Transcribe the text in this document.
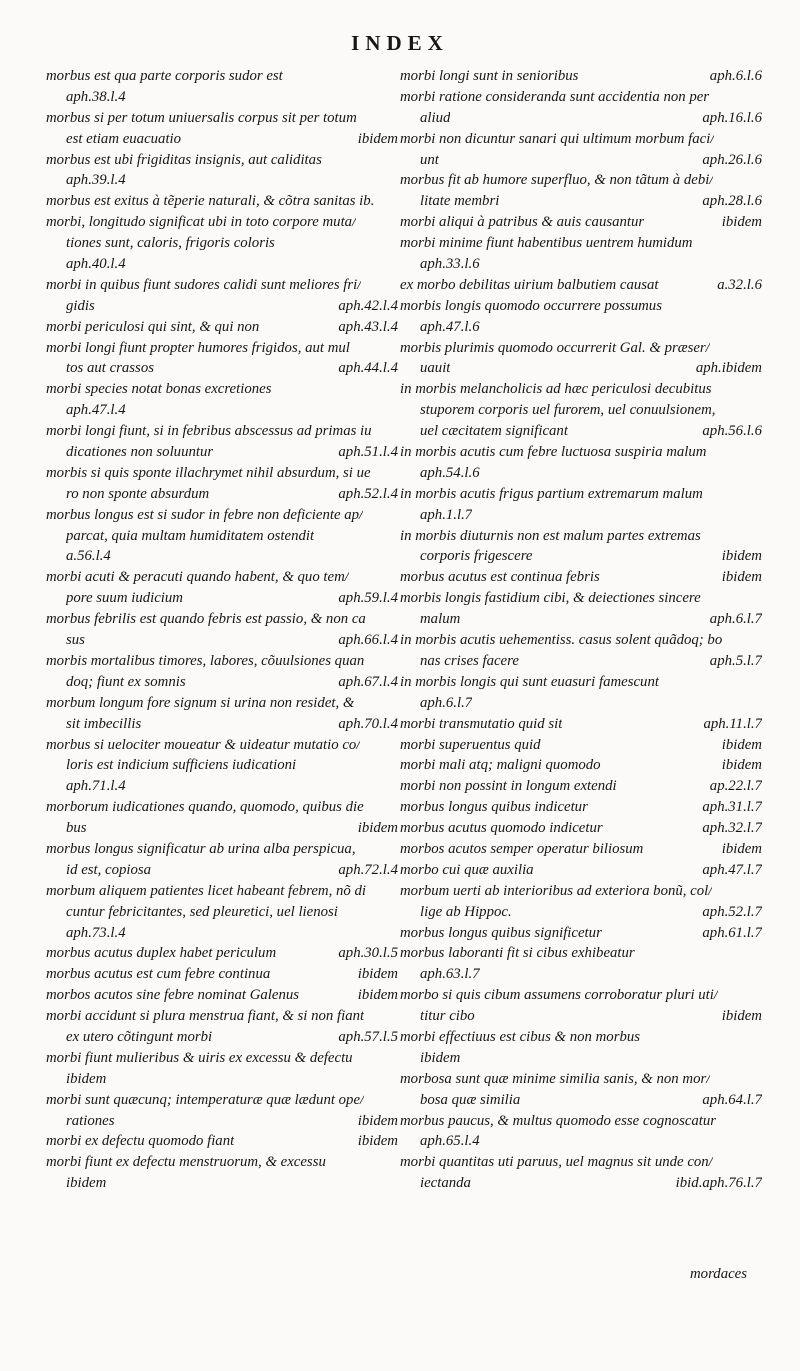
INDEX
morbus est qua parte corporis sudor est
aph.38.l.4
morbus si per totum uniuersalis corpus sit per totum
est etiam euacuatio	ibidem
morbus est ubi frigiditas insignis, aut caliditas
aph.39.l.4
morbus est exitus à tẽperie naturali, & cõtra sanitas ib.
morbi, longitudo significat ubi in toto corpore muta/
tiones sunt, caloris, frigoris coloris
aph.40.l.4
morbi in quibus fiunt sudores calidi sunt meliores fri/
gidis	aph.42.l.4
morbi periculosi qui sint, & qui non	aph.43.l.4
morbi longi fiunt propter humores frigidos, aut mul
tos aut crassos	aph.44.l.4
morbi species notat bonas excretiones
aph.47.l.4
morbi longi fiunt, si in febribus abscessus ad primas iu
dicationes non soluuntur	aph.51.l.4
morbis si quis sponte illachrymet nihil absurdum, si ue
ro non sponte absurdum	aph.52.l.4
morbus longus est si sudor in febre non deficiente ap/
parcat, quia multam humiditatem ostendit
a.56.l.4
morbi acuti & peracuti quando habent, & quo tem/
pore suum iudicium	aph.59.l.4
morbus febrilis est quando febris est passio, & non ca
sus	aph.66.l.4
morbis mortalibus timores, labores, cõuulsiones quan
doq; fiunt ex somnis	aph.67.l.4
morbum longum fore signum si urina non residet, &
sit imbecillis	aph.70.l.4
morbus si uelociter moueatur & uideatur mutatio co/
loris est indicium sufficiens iudicationi
aph.71.l.4
morborum iudicationes quando, quomodo, quibus die
bus	ibidem
morbus longus significatur ab urina alba perspicua,
id est, copiosa	aph.72.l.4
morbum aliquem patientes licet habeant febrem, nõ di
cuntur febricitantes, sed pleuretici, uel lienosi
aph.73.l.4
morbus acutus duplex habet periculum	aph.30.l.5
morbus acutus est cum febre continua	ibidem
morbos acutos sine febre nominat Galenus	ibidem
morbi accidunt si plura menstrua fiant, & si non fiant
ex utero cõtingunt morbi	aph.57.l.5
morbi fiunt mulieribus & uiris ex excessu & defectu
ibidem
morbi sunt quæcunq; intemperaturæ quæ lædunt ope/
rationes	ibidem
morbi ex defectu quomodo fiant	ibidem
morbi fiunt ex defectu menstruorum, & excessu
ibidem
morbi longi sunt in senioribus	aph.6.l.6
morbi ratione consideranda sunt accidentia non per
aliud	aph.16.l.6
morbi non dicuntur sanari qui ultimum morbum faci/
unt	aph.26.l.6
morbus fit ab humore superfluo, & non tãtum à debi/
litate membri	aph.28.l.6
morbi aliqui à patribus & auis causantur	ibidem
morbi minime fiunt habentibus uentrem humidum
aph.33.l.6
ex morbo debilitas uirium balbutiem causat	a.32.l.6
morbis longis quomodo occurrere possumus
aph.47.l.6
morbis plurimis quomodo occurrerit Gal. & præser/
uauit	aph.ibidem
in morbis melancholicis ad hæc periculosi decubitus
stuporem corporis uel furorem, uel conuulsionem,
uel cæcitatem significant	aph.56.l.6
in morbis acutis cum febre luctuosa suspiria malum
aph.54.l.6
in morbis acutis frigus partium extremarum malum
aph.1.l.7
in morbis diuturnis non est malum partes extremas
corporis frigescere	ibidem
morbus acutus est continua febris	ibidem
morbis longis fastidium cibi, & deiectiones sincere
malum	aph.6.l.7
in morbis acutis uehementiss. casus solent quãdoq; bo
nas crises facere	aph.5.l.7
in morbis longis qui sunt euasuri famescunt
aph.6.l.7
morbi transmutatio quid sit	aph.11.l.7
morbi superuentus quid	ibidem
morbi mali atq; maligni quomodo	ibidem
morbi non possint in longum extendi	ap.22.l.7
morbus longus quibus indicetur	aph.31.l.7
morbus acutus quomodo indicetur	aph.32.l.7
morbos acutos semper operatur biliosum	ibidem
morbo cui quæ auxilia	aph.47.l.7
morbum uerti ab interioribus ad exteriora bonũ, col/
lige ab Hippoc.	aph.52.l.7
morbus longus quibus significetur	aph.61.l.7
morbus laboranti fit si cibus exhibeatur
aph.63.l.7
morbo si quis cibum assumens corroboratur pluri uti/
titur cibo	ibidem
morbi effectiuus est cibus & non morbus
ibidem
morbosa sunt quæ minime similia sanis, & non mor/
bosa quæ similia	aph.64.l.7
morbus paucus, & multus quomodo esse cognoscatur
aph.65.l.4
morbi quantitas uti paruus, uel magnus sit unde con/
iectanda	ibid.aph.76.l.7
mordaces
